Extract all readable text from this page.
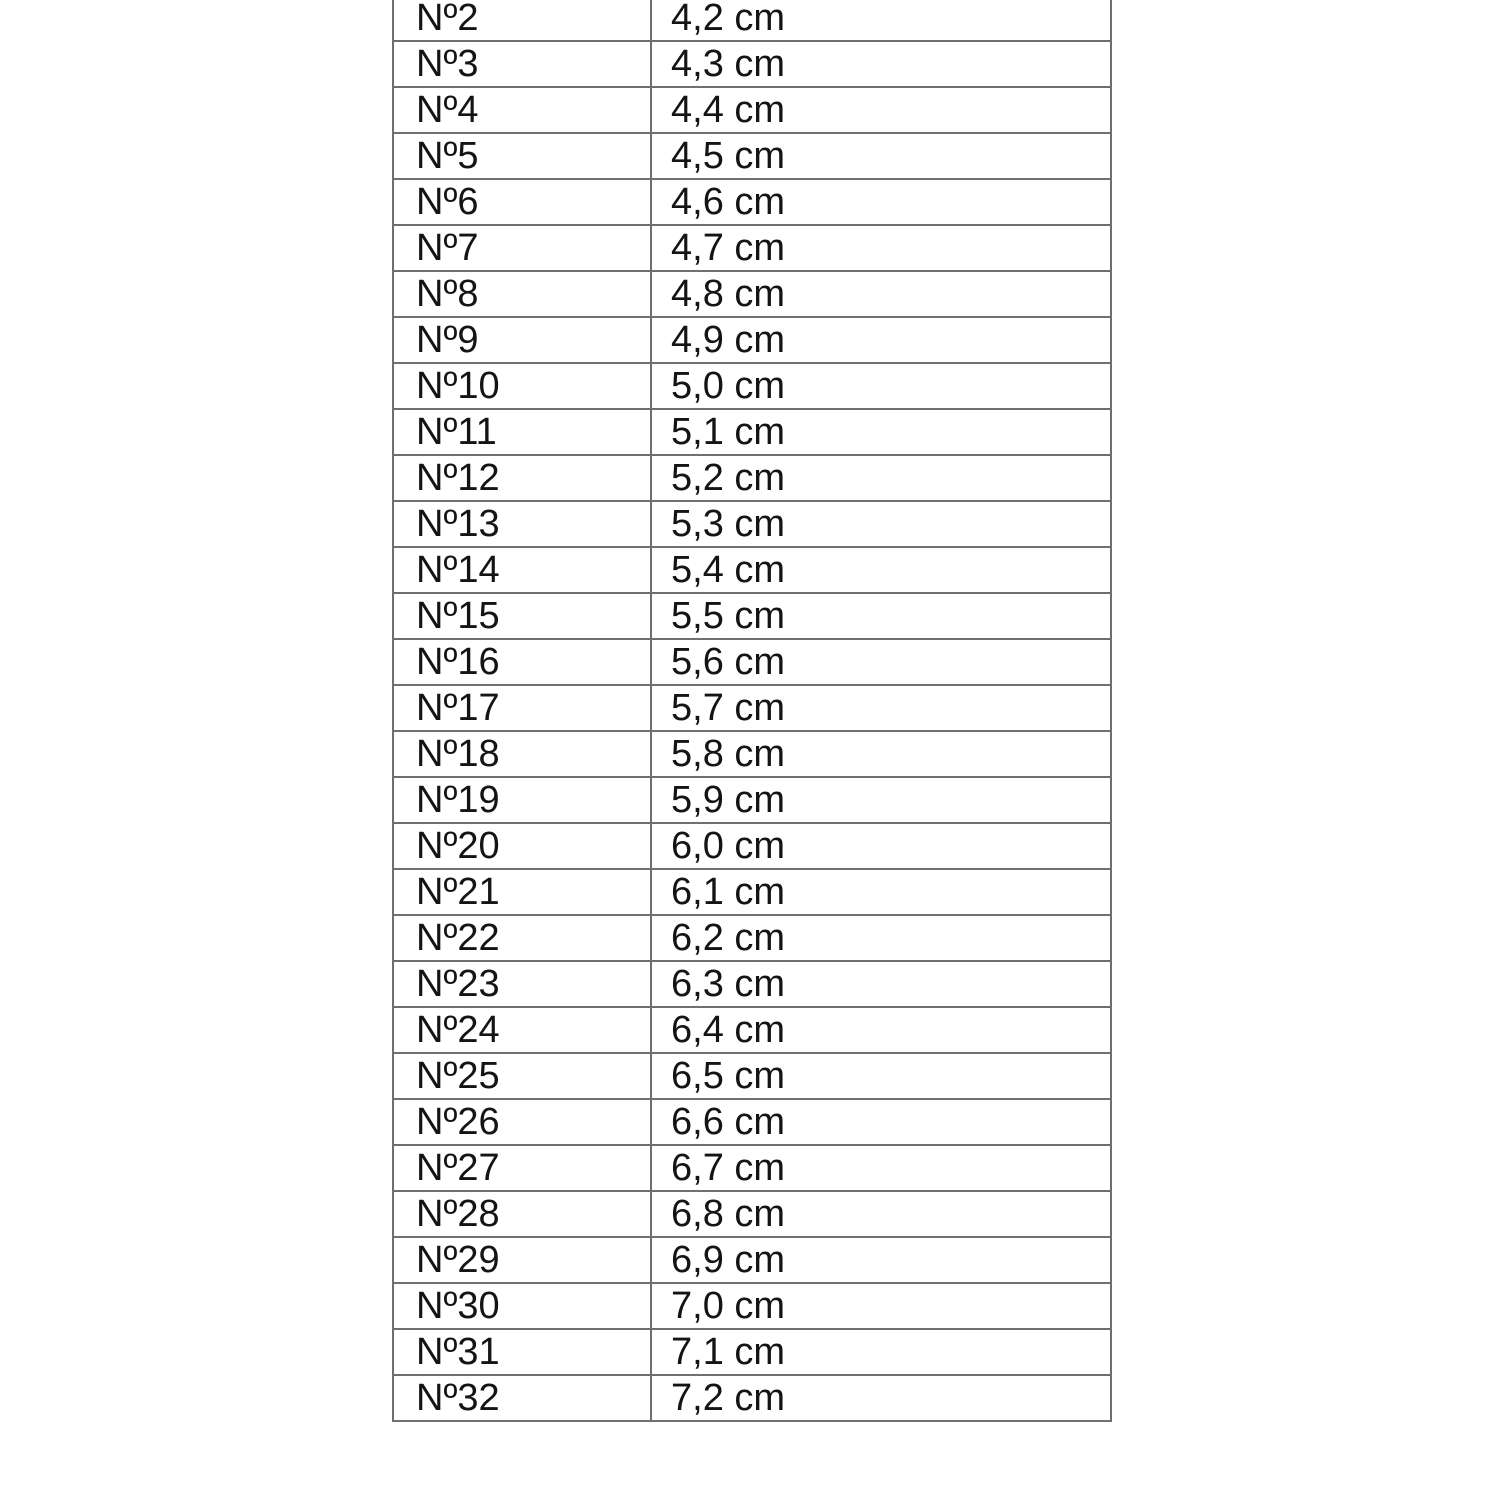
Nº2	4,2 cm
Nº3	4,3 cm
Nº4	4,4 cm
Nº5	4,5 cm
Nº6	4,6 cm
Nº7	4,7 cm
Nº8	4,8 cm
Nº9	4,9 cm
Nº10	5,0 cm
Nº11	5,1 cm
Nº12	5,2 cm
Nº13	5,3 cm
Nº14	5,4 cm
Nº15	5,5 cm
Nº16	5,6 cm
Nº17	5,7 cm
Nº18	5,8 cm
Nº19	5,9 cm
Nº20	6,0 cm
Nº21	6,1 cm
Nº22	6,2 cm
Nº23	6,3 cm
Nº24	6,4 cm
Nº25	6,5 cm
Nº26	6,6 cm
Nº27	6,7 cm
Nº28	6,8 cm
Nº29	6,9 cm
Nº30	7,0 cm
Nº31	7,1 cm
Nº32	7,2 cm
